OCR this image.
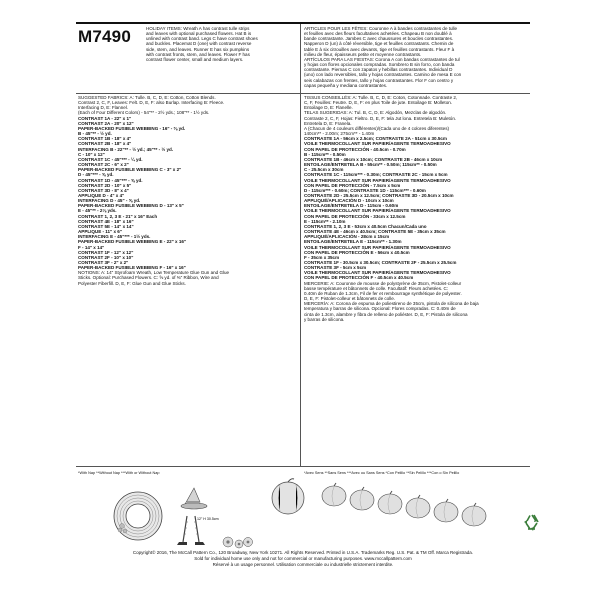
M7490	HOLIDAY ITEMS: Wreath A has contrast tulle strips
and leaves with optional purchased flowers. Hat B is
unlined with contrast band. Legs C have contrast shoes
and buckles. Placemat D (one) with contrast reverse
side, stem, and leaves. Runner E has six pumpkins
with contrast fronts, stem, and leaves. Flower F has
contrast flower center, small and medium layers.
ARTICLES POUR LES FÊTES: Couronne A à bandes contrastantes de tulle
et feuilles avec des fleurs facultatives achetées. Chapeau B non doublé à
bande contrastante. Jambes C avec chaussures et boucles contrastantes.
Napperon D (un) à côté réversible, tige et feuilles contrastants. Chemin de
table E à six citrouilles avec devants, tige et feuilles contrastants. Fleur F à
milieu de fleur, épaisseurs petite et moyenne contrastants.
ARTÍCULOS PARA LAS FIESTAS: Corona A con bandas contrastantes de tul
y hojas con flores opcionales compradas. Sombrero B sin forro, con banda
contrastante. Piernas C con zapatos y hebillas contrastantes. Individual D
(uno) con lado reversibles, tallo y hojas contrastantes. Camino de mesa E con
seis calabazas con frentes, tallo y hojas contrastantes. Flor F con centro y
capas pequeña y mediana contrastantes.
SUGGESTED FABRICS: A: Tulle. B, C, D, E: Cotton, Cotton Blends.
Contrast 2, C, F, Leaves: Felt. D, E, F: also Burlap. Interfacing B: Fleece.
Interfacing D, E: Flannel.
(Each of Four Different Colors) - 54"** - 2½ yds.; 108"** - 1½ yds.
CONTRAST 1A - 22" x 1"
CONTRAST 2A - 20" x 12"
PAPER-BACKED FUSIBLE WEBBING - 16" - ⅜ yd.
B - 45"** - ½ yd.
CONTRAST 1B - 18" x 4"
CONTRAST 2B - 18" x 4"
INTERFACING B - 22"** - ½ yd.; 45"** - ½ yd.
C - 10" x 12"
CONTRAST 1C - 45"*** - ¼ yd.
CONTRAST 2C - 6" x 2"
PAPER-BACKED FUSIBLE WEBBING C - 3" x 2"
D - 45"*** - ⅝ yd.
CONTRAST 1D - 45"*** - ⅝ yd.
CONTRAST 2D - 10" x 5"
CONTRAST 3D - 8" x 4"
APPLIQUE D - 4" x 4"
INTERFACING D - 45" - ⅝ yd.
PAPER-BACKED FUSIBLE WEBBING D - 13" x 5"
E - 45"** - 2⅛ yds.
CONTRAST 1, 2, 3 E - 21" x 16" Each
CONTRAST 4E - 18" x 16"
CONTRAST 5E - 14" x 14"
APPLIQUE - 11" x 6"
INTERFACING E - 45"*** - 1½ yds.
PAPER-BACKED FUSIBLE WEBBING E - 22" x 16"
F - 14" x 14"
CONTRAST 1F - 12" x 12"
CONTRAST 2F - 10" x 10"
CONTRAST 3F - 2" x 2"
PAPER-BACKED FUSIBLE WEBBING F - 16" x 16"
NOTIONS: A: 14" Styrofoam Wreath, Low Temperature Glue Gun and Glue
Sticks. Optional: Purchased Flowers. C: ⅝ yd. of ⅜" Ribbon, Wire and
Polyester Fiberfill. D, E, F: Glue Gun and Glue Sticks.
TISSUS CONSEILLÉS: A: Tulle. B, C, D, E: Coton, Cotonnade. Contraste 2,
C, F, Feuilles: Feutre. D, E, F: en plus Toile de jute. Entoilage B: Molleton.
Entoilage D, E: Flanelle.
TELAS SUGERIDAS: A: Tul. B, C, D, E: Algodón, Mezclas de algodón.
Contraste 2, C, F, Hojas: Fieltro. D, E, F: tela Jut lona. Entretela B: Muletón.
Entretela D, E: Franela.
A (Chacun de 4 couleurs différentes)/(Cada uno de 4 colores diferentes)
140cm** - 2.00m; 275cm** - 1.40m
CONTRASTE 1A - 56cm x 2.5cm; CONTRASTE 2A - 51cm x 30.5cm
VOILE THERMOCOLLANT SUR PAPIER/AGENTE TERMOADHESIVO
CON PAPEL DE PROTECCIÓN - 40.5cm - 0.70m
B - 115cm** - 0.50m
CONTRASTE 1B - 46cm x 10cm; CONTRASTE 2B - 46cm x 10cm
ENTOILAGE/ENTRETELA B - 55cm** - 0.50m; 115cm** - 0.50m
C - 25.5cm x 30cm
CONTRASTE 1C - 115cm*** - 0.30m; CONTRASTE 2C - 15cm x 5cm
VOILE THERMOCOLLANT SUR PAPIER/AGENTE TERMOADHESIVO
CON PAPEL DE PROTECCIÓN - 7.5cm x 5cm
D - 115cm*** - 0.60m; CONTRASTE 1D - 115cm*** - 0.60m
CONTRASTE 2D - 25.5cm x 12.5cm; CONTRASTE 3D - 20.5cm x 10cm
APPLIQUÉ/APLICACIÓN D - 10cm x 10cm
ENTOILAGE/ENTRETELA D - 115cm - 0.60m
VOILE THERMOCOLLANT SUR PAPIER/AGENTE TERMOADHESIVO
CON PAPEL DE PROTECCIÓN - 33cm x 12.5cm
E - 115cm** - 2.10m
CONTRASTE 1, 2, 3 E - 53cm x 40.5cm Chacun/Cada uno
CONTRASTE 4E - 46cm x 40.5cm; CONTRASTE 5E - 35cm x 35cm
APPLIQUÉ/APLICACIÓN - 28cm x 15cm
ENTOILAGE/ENTRETELA E - 115cm** - 1.30m
VOILE THERMOCOLLANT SUR PAPIER/AGENTE TERMOADHESIVO
CON PAPEL DE PROTECCIÓN E - 56cm x 40.5cm
F - 35cm x 35cm
CONTRASTE 1F - 30.5cm x 30.5cm; CONTRASTE 2F - 25.5cm x 25.5cm
CONTRASTE 3F - 5cm x 5cm
VOILE THERMOCOLLANT SUR PAPIER/AGENTE TERMOADHESIVO
CON PAPEL DE PROTECCIÓN F - 40.5cm x 40.5cm
MERCERIE: A: Couronne de mousse de polystyrène de 35cm, Pistolet-colleur
basse température et bâtonnets de colle. Facultatif: Fleurs achetées. C:
0.40m de Ruban de 1.3cm, Fil de fer et rembourrage synthétique de polyester.
D, E, F: Pistolet-colleur et bâtonnets de colle.
MERCERÍA: A: Corona de espuma de poliestireno de 35cm, pistola de silicona de baja
temperatura y barras de silicona. Opcional: Flores compradas. C: 0.40m de
cinta de 1.3cm, alambre y fibra de relleno de poliéster. D, E, F: Pistola de silicona
y barras de silicona.
*With Nap **Without Nap ***With or Without Nap	*Avec Sens **Sans Sens ***Avec ou Sans Sens *Con Pelillo **Sin Pelillo ***Con o Sin Pelillo
12" H 30.5cm
Copyright© 2016, The McCall Pattern Co., 120 Broadway, New York 10271. All Rights Reserved. Printed in U.S.A. Trademarks Reg. U.S. Pat. & TM Off. Marca Registrada.
Sold for individual home use only and not for commercial or manufacturing purposes. www.mccallpattern.com
Réservé à un usage personnel. Utilisation commerciale ou industrielle strictement interdite.
